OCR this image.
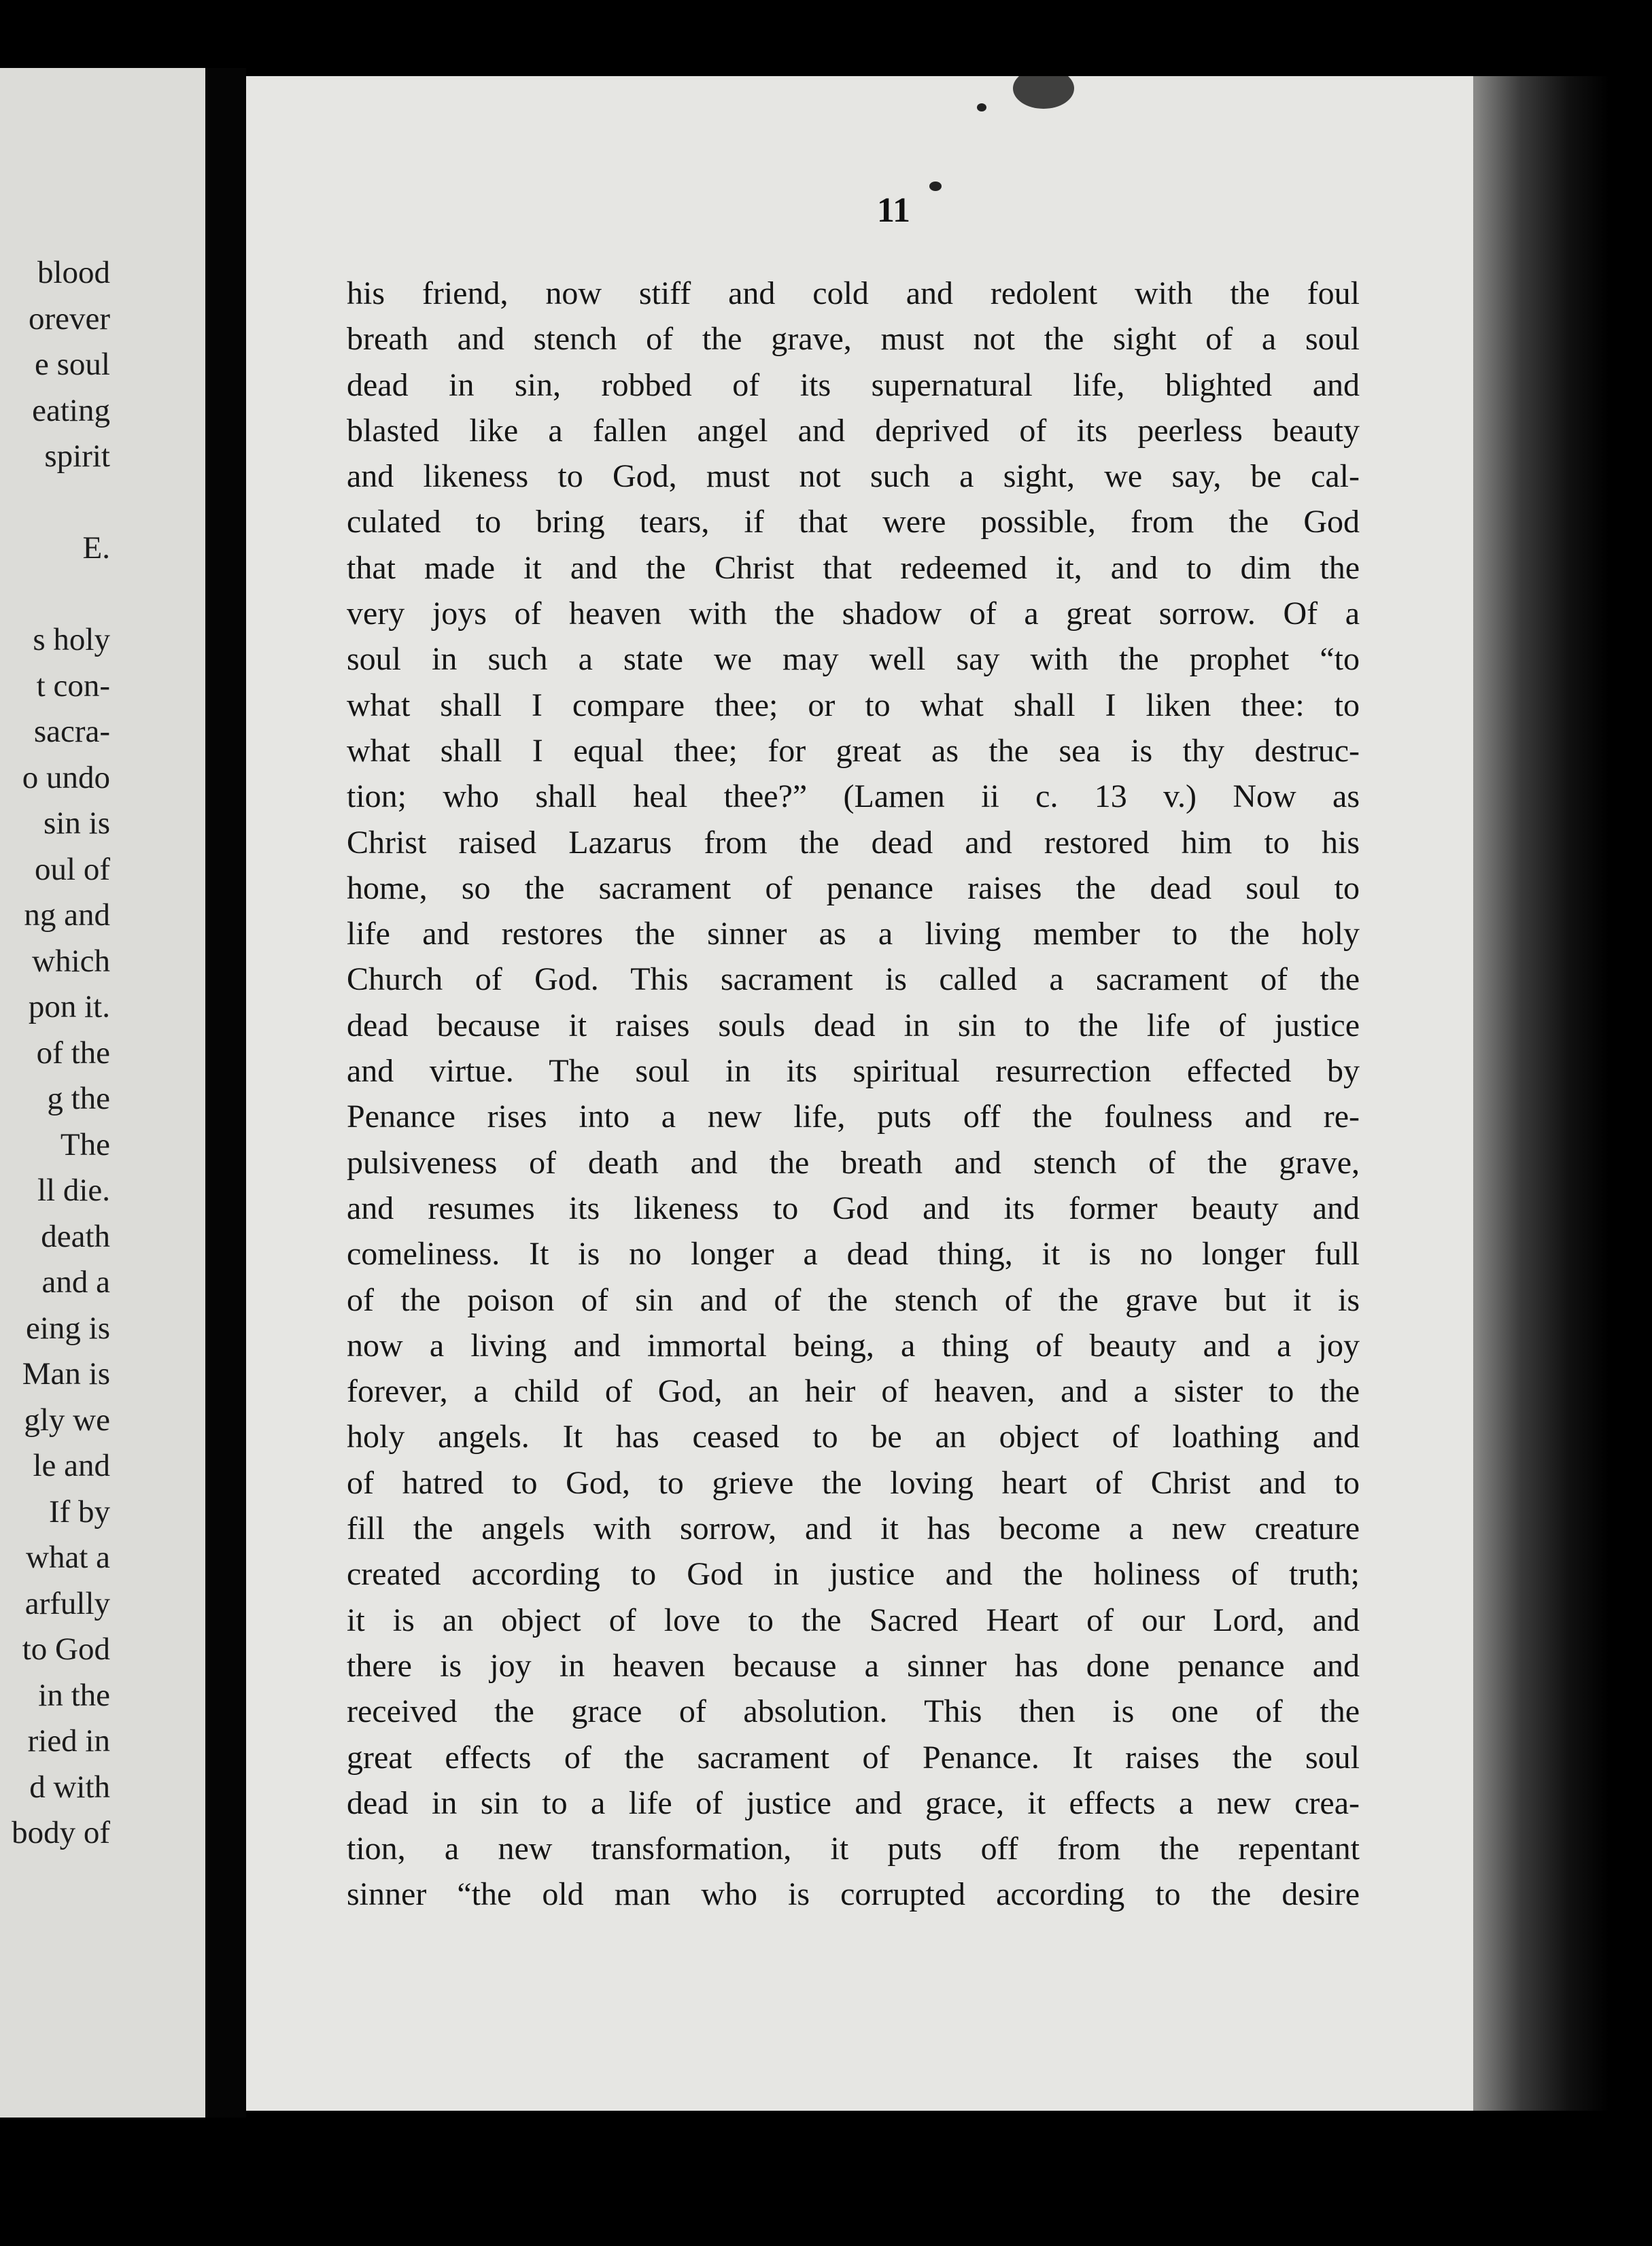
blood
orever
e soul
eating
spirit
E.
s holy
t con-
sacra-
o undo
sin is
oul of
ng and
which
pon it.
of the
g the
The
ll die.
death
and a
eing is
Man is
gly we
le and
If by
what a
arfully
to God
in the
ried in
d with
body of
11
his friend, now stiff and cold and redolent with the foul
breath and stench of the grave, must not the sight of a soul
dead in sin, robbed of its supernatural life, blighted and
blasted like a fallen angel and deprived of its peerless beauty
and likeness to God, must not such a sight, we say, be cal-
culated to bring tears, if that were possible, from the God
that made it and the Christ that redeemed it, and to dim the
very joys of heaven with the shadow of a great sorrow. Of a
soul in such a state we may well say with the prophet “to
what shall I compare thee; or to what shall I liken thee: to
what shall I equal thee; for great as the sea is thy destruc-
tion; who shall heal thee?” (Lamen ii c. 13 v.) Now as
Christ raised Lazarus from the dead and restored him to his
home, so the sacrament of penance raises the dead soul to
life and restores the sinner as a living member to the holy
Church of God. This sacrament is called a sacrament of the
dead because it raises souls dead in sin to the life of justice
and virtue. The soul in its spiritual resurrection effected by
Penance rises into a new life, puts off the foulness and re-
pulsiveness of death and the breath and stench of the grave,
and resumes its likeness to God and its former beauty and
comeliness. It is no longer a dead thing, it is no longer full
of the poison of sin and of the stench of the grave but it is
now a living and immortal being, a thing of beauty and a joy
forever, a child of God, an heir of heaven, and a sister to the
holy angels. It has ceased to be an object of loathing and
of hatred to God, to grieve the loving heart of Christ and to
fill the angels with sorrow, and it has become a new creature
created according to God in justice and the holiness of truth;
it is an object of love to the Sacred Heart of our Lord, and
there is joy in heaven because a sinner has done penance and
received the grace of absolution. This then is one of the
great effects of the sacrament of Penance. It raises the soul
dead in sin to a life of justice and grace, it effects a new crea-
tion, a new transformation, it puts off from the repentant
sinner “the old man who is corrupted according to the desire
